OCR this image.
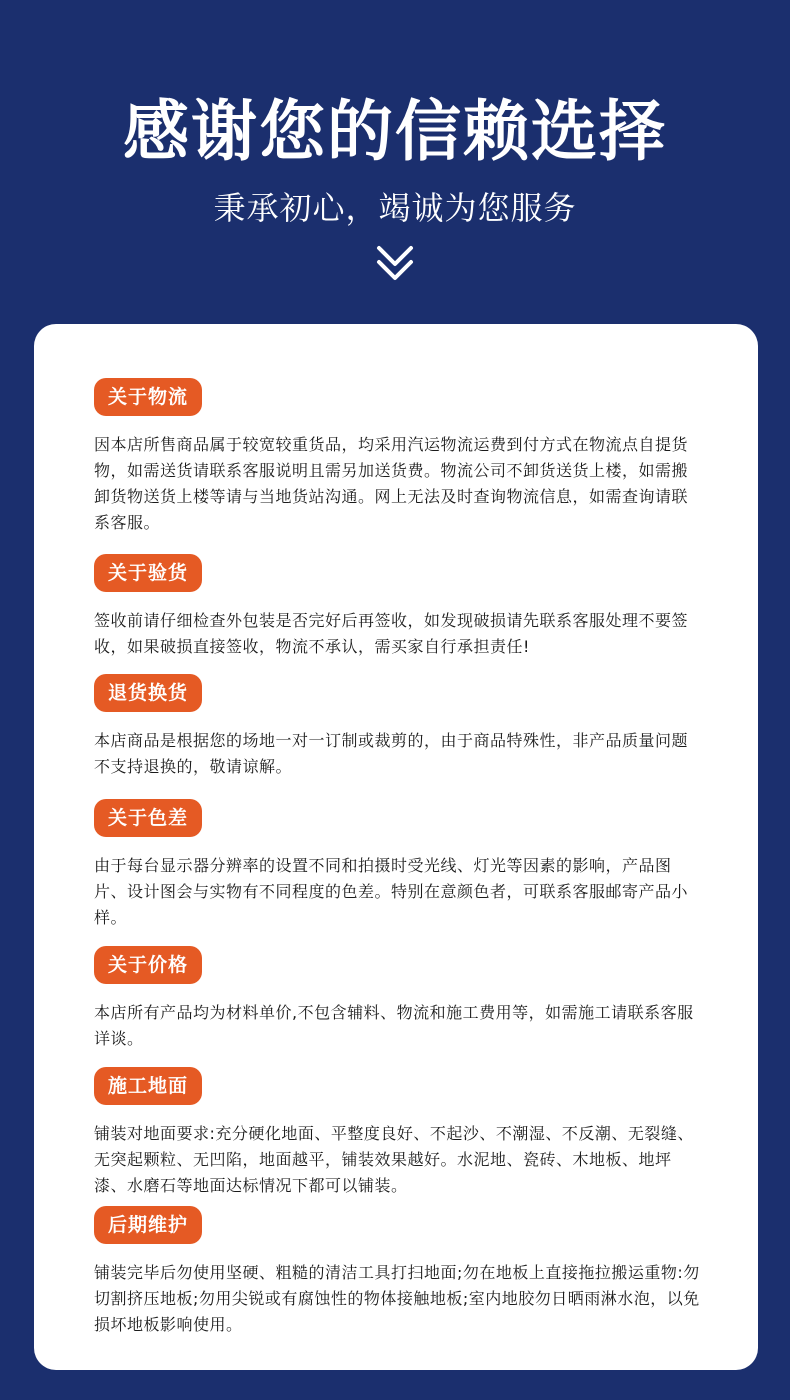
感谢您的信赖选择
秉承初心，竭诚为您服务
关于物流
因本店所售商品属于较宽较重货品，均采用汽运物流运费到付方式在物流点自提货物，如需送货请联系客服说明且需另加送货费。物流公司不卸货送货上楼，如需搬卸货物送货上楼等请与当地货站沟通。网上无法及时查询物流信息，如需查询请联系客服。
关于验货
签收前请仔细检查外包装是否完好后再签收，如发现破损请先联系客服处理不要签收，如果破损直接签收，物流不承认，需买家自行承担责任!
退货换货
本店商品是根据您的场地一对一订制或裁剪的，由于商品特殊性，非产品质量问题不支持退换的，敬请谅解。
关于色差
由于每台显示器分辨率的设置不同和拍摄时受光线、灯光等因素的影响，产品图片、设计图会与实物有不同程度的色差。特别在意颜色者，可联系客服邮寄产品小样。
关于价格
本店所有产品均为材料单价,不包含辅料、物流和施工费用等，如需施工请联系客服详谈。
施工地面
铺装对地面要求:充分硬化地面、平整度良好、不起沙、不潮湿、不反潮、无裂缝、无突起颗粒、无凹陷，地面越平，铺装效果越好。水泥地、瓷砖、木地板、地坪漆、水磨石等地面达标情况下都可以铺装。
后期维护
铺装完毕后勿使用坚硬、粗糙的清洁工具打扫地面;勿在地板上直接拖拉搬运重物:勿切割挤压地板;勿用尖锐或有腐蚀性的物体接触地板;室内地胶勿日晒雨淋水泡，以免损坏地板影响使用。
